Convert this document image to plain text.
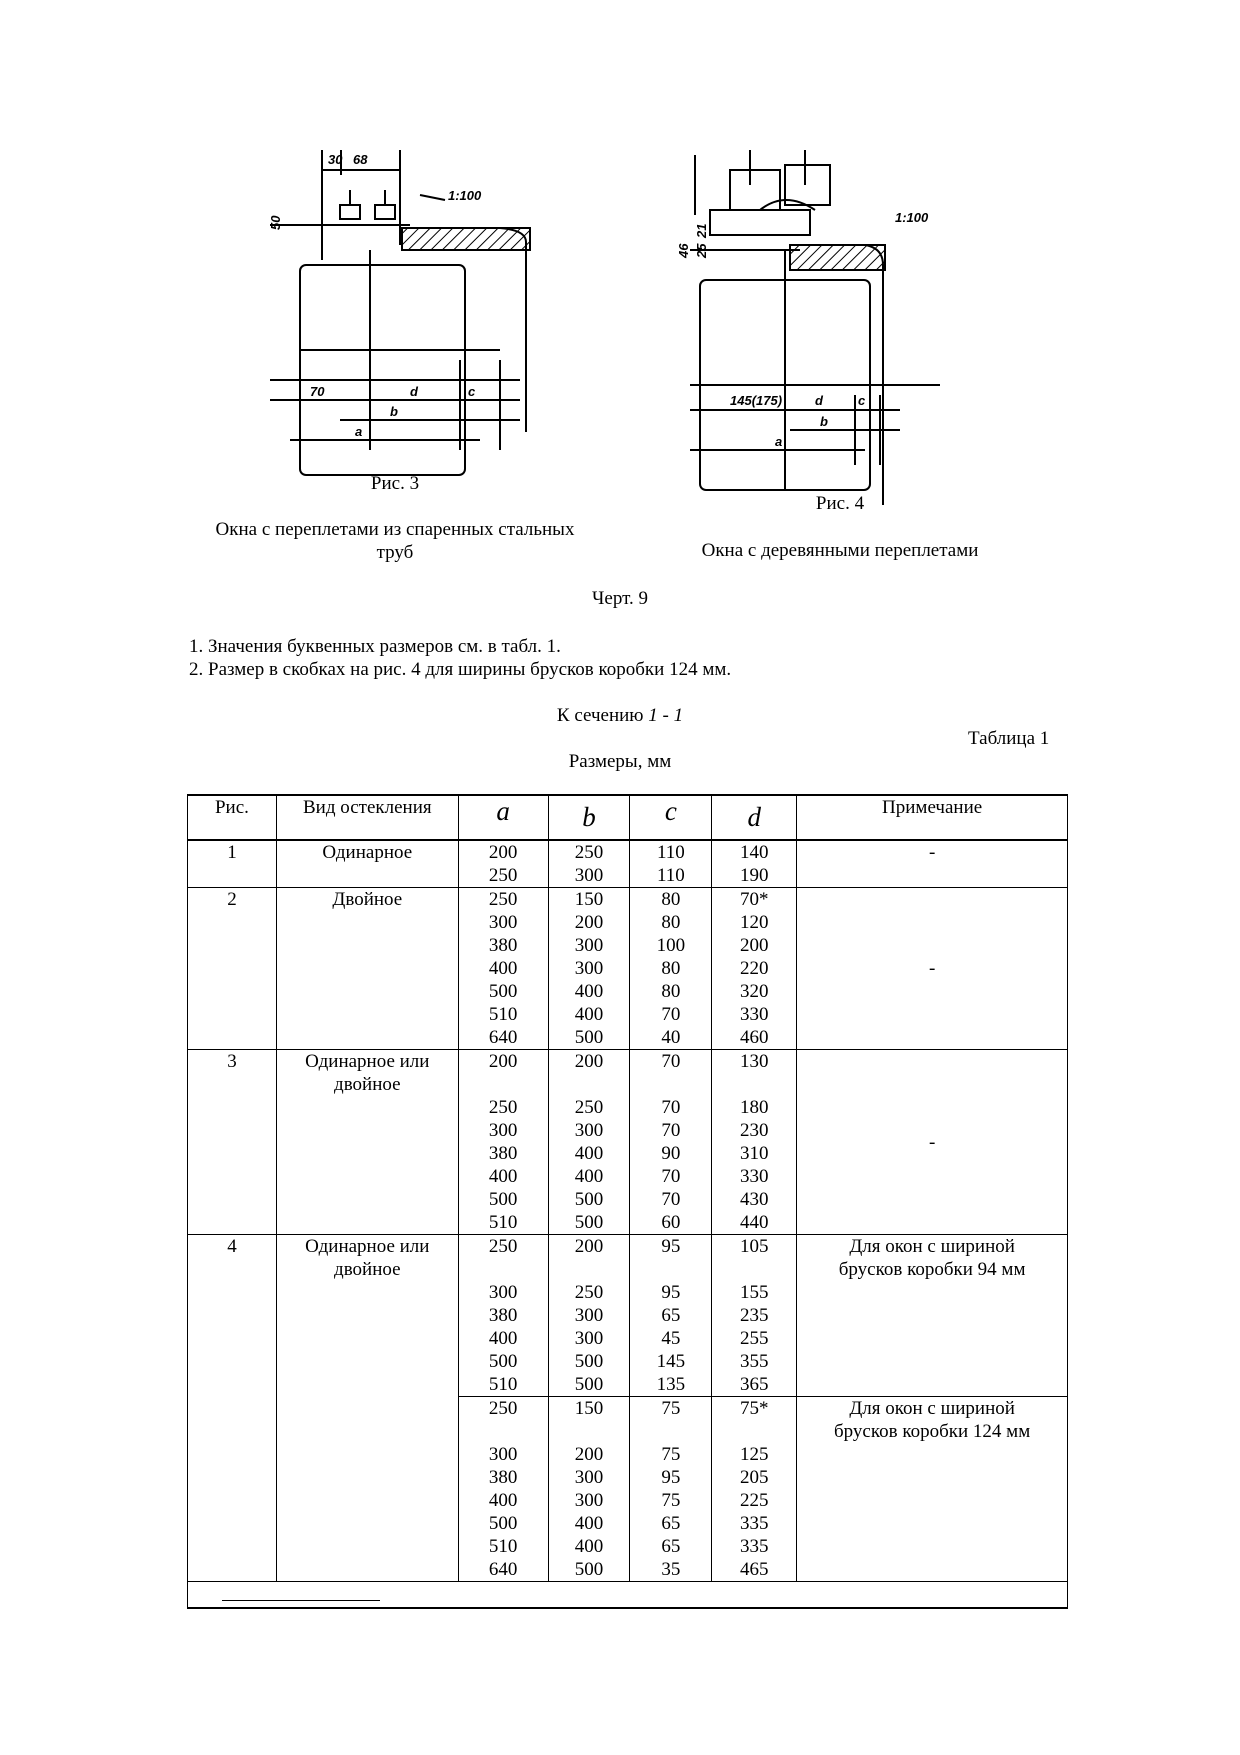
30 68
50
1:100
70	d	c
b
a
46 25
21
1:100
145(175)	d	c
b
a
Рис. 3
Окна с переплетами из спаренных стальных труб
Рис. 4
Окна с деревянными переплетами
Черт. 9
1. Значения буквенных размеров см. в табл. 1.
2. Размер в скобках на рис. 4 для ширины брусков коробки 124 мм.
К сечению 1 - 1
Таблица 1
Размеры, мм
Рис.	Вид остекления	a	b	c	d	Примечание
1	Одинарное	200	250	110	140	-
		250	300	110	190	
2	Двойное	250	150	80	70*	-
		300	200	80	120	
		380	300	100	200	
		400	300	80	220	
		500	400	80	320	
		510	400	70	330	
		640	500	40	460	
3	Одинарное или двойное	200	200	70	130	-
		250	250	70	180	
		300	300	70	230	
		380	400	90	310	
		400	400	70	330	
		500	500	70	430	
		510	500	60	440	
4	Одинарное или двойное	250	200	95	105	Для окон с шириной брусков коробки 94 мм
		300	250	95	155	
		380	300	65	235	
		400	300	45	255	
		500	500	145	355	
		510	500	135	365	
		250	150	75	75*	Для окон с шириной брусков коробки 124 мм
		300	200	75	125	
		380	300	95	205	
		400	300	75	225	
		500	400	65	335	
		510	400	65	335	
		640	500	35	465	
